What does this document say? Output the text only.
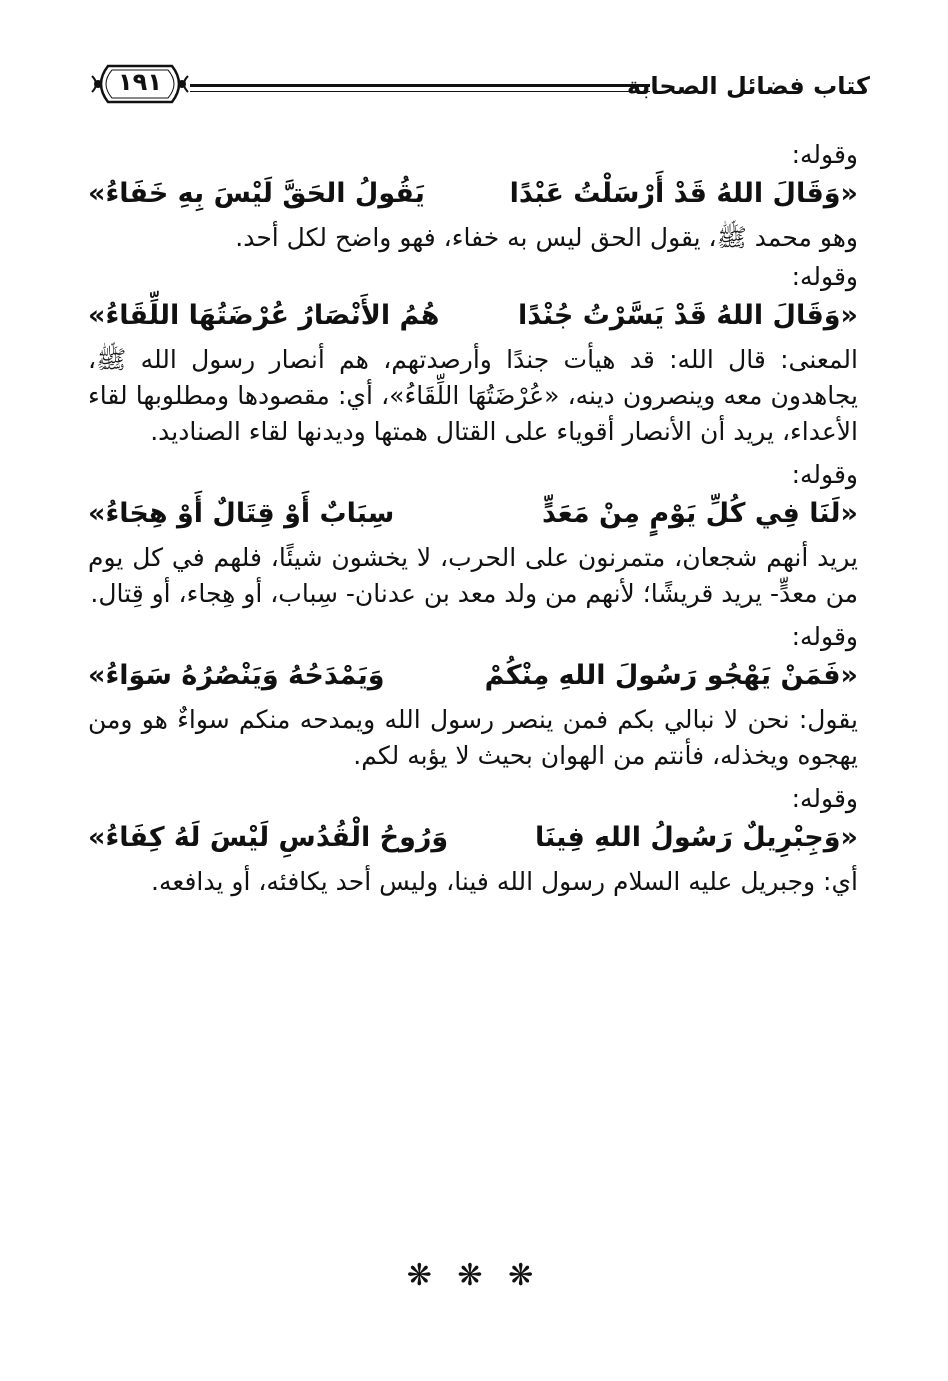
كتاب فضائل الصحابة
١٩١

وقوله:

«وَقَالَ اللهُ قَدْ أَرْسَلْتُ عَبْدًا
يَقُولُ الحَقَّ لَيْسَ بِهِ خَفَاءُ»

وهو محمد ﷺ، يقول الحق ليس به خفاء، فهو واضح لكل أحد.

وقوله:

«وَقَالَ اللهُ قَدْ يَسَّرْتُ جُنْدًا
هُمُ الأَنْصَارُ عُرْضَتُهَا اللِّقَاءُ»

المعنى: قال الله: قد هيأت جندًا وأرصدتهم، هم أنصار رسول الله ﷺ، يجاهدون معه وينصرون دينه، «عُرْضَتُهَا اللِّقَاءُ»، أي: مقصودها ومطلوبها لقاء الأعداء، يريد أن الأنصار أقوياء على القتال همتها وديدنها لقاء الصناديد.

وقوله:

«لَنَا فِي كُلِّ يَوْمٍ مِنْ مَعَدٍّ
سِبَابٌ أَوْ قِتَالٌ أَوْ هِجَاءُ»

يريد أنهم شجعان، متمرنون على الحرب، لا يخشون شيئًا، فلهم في كل يوم من معدٍّ- يريد قريشًا؛ لأنهم من ولد معد بن عدنان- سِباب، أو هِجاء، أو قِتال.

وقوله:

«فَمَنْ يَهْجُو رَسُولَ اللهِ مِنْكُمْ
وَيَمْدَحُهُ وَيَنْصُرُهُ سَوَاءُ»

يقول: نحن لا نبالي بكم فمن ينصر رسول الله ويمدحه منكم سواءٌ هو ومن يهجوه ويخذله، فأنتم من الهوان بحيث لا يؤبه لكم.

وقوله:

«وَجِبْرِيلٌ رَسُولُ اللهِ فِينَا
وَرُوحُ الْقُدُسِ لَيْسَ لَهُ كِفَاءُ»

أي: وجبريل عليه السلام رسول الله فينا، وليس أحد يكافئه، أو يدافعه.

❋ ❋ ❋
